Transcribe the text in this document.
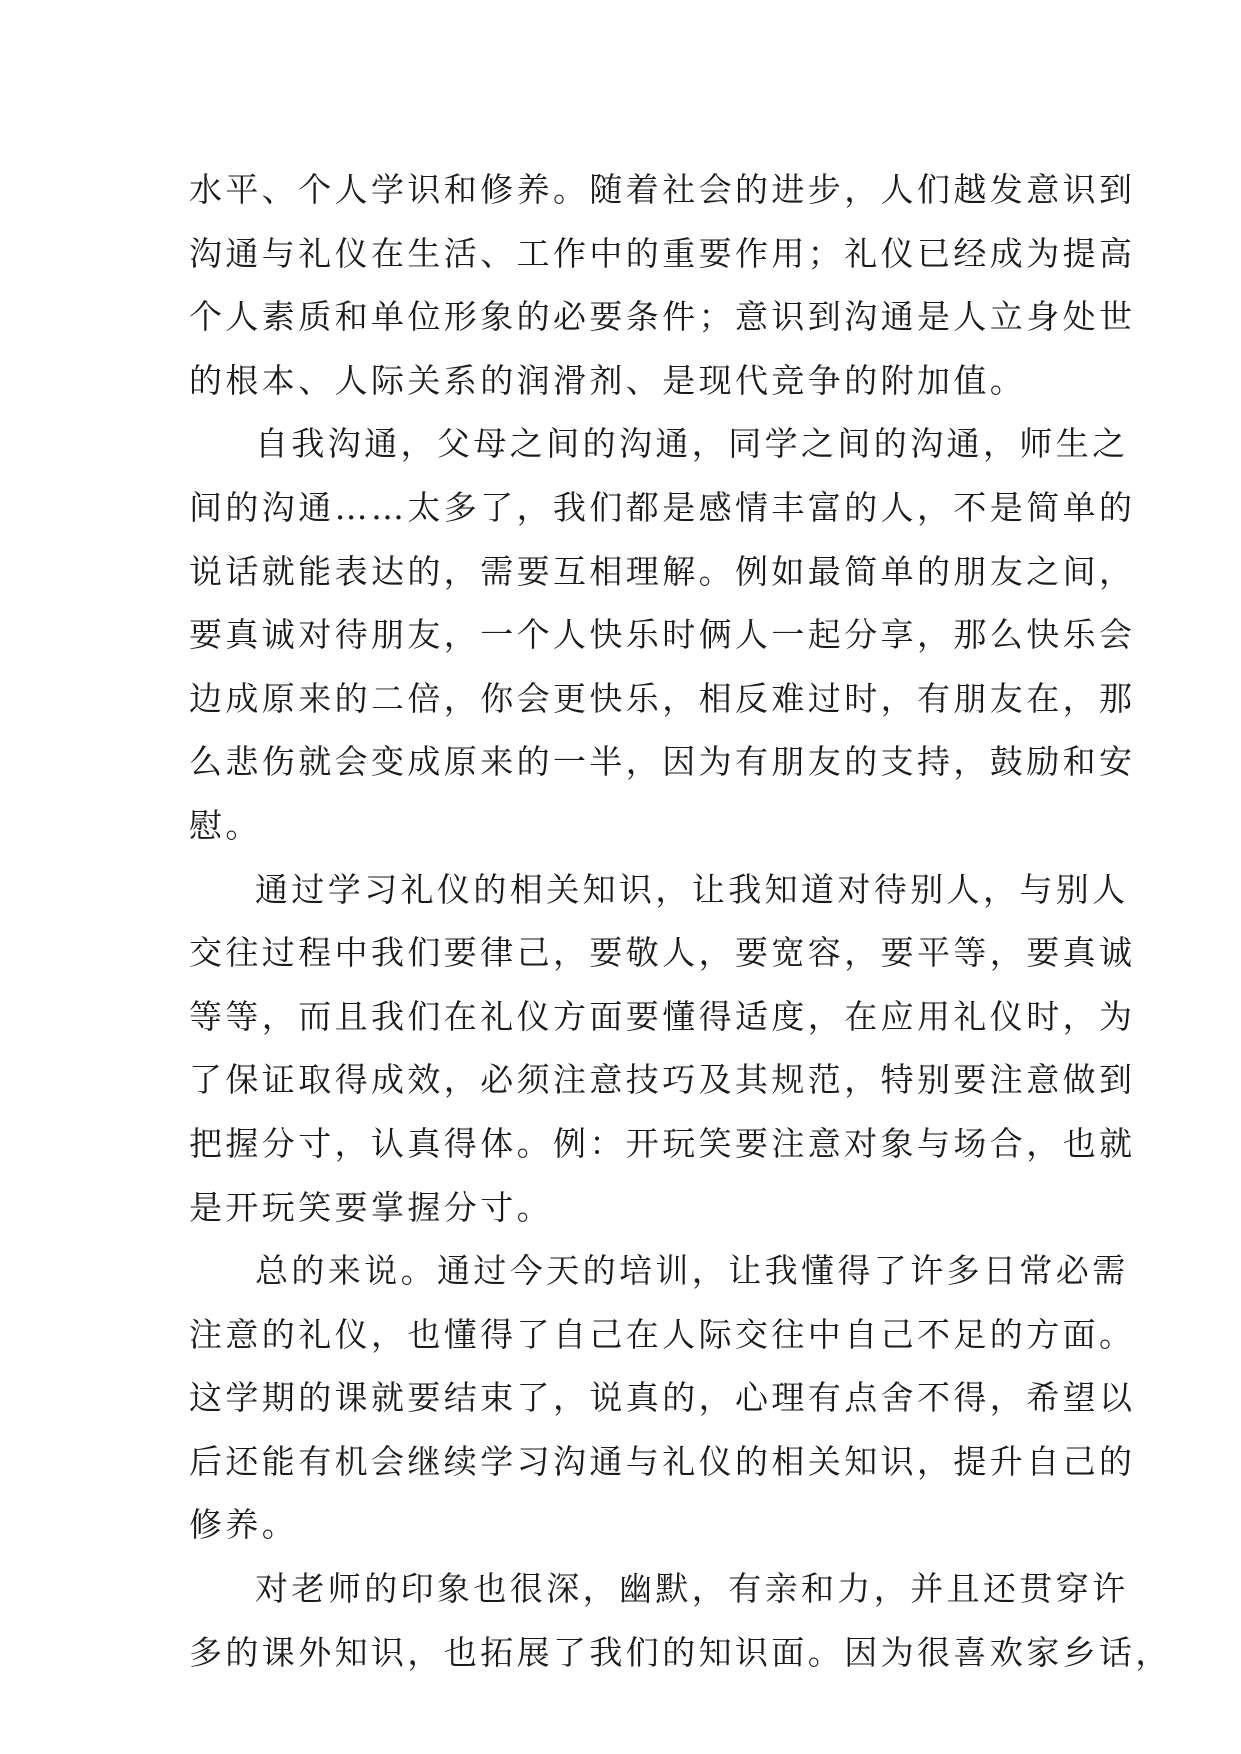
水平、个人学识和修养。随着社会的进步，人们越发意识到
沟通与礼仪在生活、工作中的重要作用；礼仪已经成为提高
个人素质和单位形象的必要条件；意识到沟通是人立身处世
的根本、人际关系的润滑剂、是现代竞争的附加值。
自我沟通，父母之间的沟通，同学之间的沟通，师生之
间的沟通……太多了，我们都是感情丰富的人，不是简单的
说话就能表达的，需要互相理解。例如最简单的朋友之间，
要真诚对待朋友，一个人快乐时俩人一起分享，那么快乐会
边成原来的二倍，你会更快乐，相反难过时，有朋友在，那
么悲伤就会变成原来的一半，因为有朋友的支持，鼓励和安
慰。
通过学习礼仪的相关知识，让我知道对待别人，与别人
交往过程中我们要律己，要敬人，要宽容，要平等，要真诚
等等，而且我们在礼仪方面要懂得适度，在应用礼仪时，为
了保证取得成效，必须注意技巧及其规范，特别要注意做到
把握分寸，认真得体。例：开玩笑要注意对象与场合，也就
是开玩笑要掌握分寸。
总的来说。通过今天的培训，让我懂得了许多日常必需
注意的礼仪，也懂得了自己在人际交往中自己不足的方面。
这学期的课就要结束了，说真的，心理有点舍不得，希望以
后还能有机会继续学习沟通与礼仪的相关知识，提升自己的
修养。
对老师的印象也很深，幽默，有亲和力，并且还贯穿许
多的课外知识，也拓展了我们的知识面。因为很喜欢家乡话，
